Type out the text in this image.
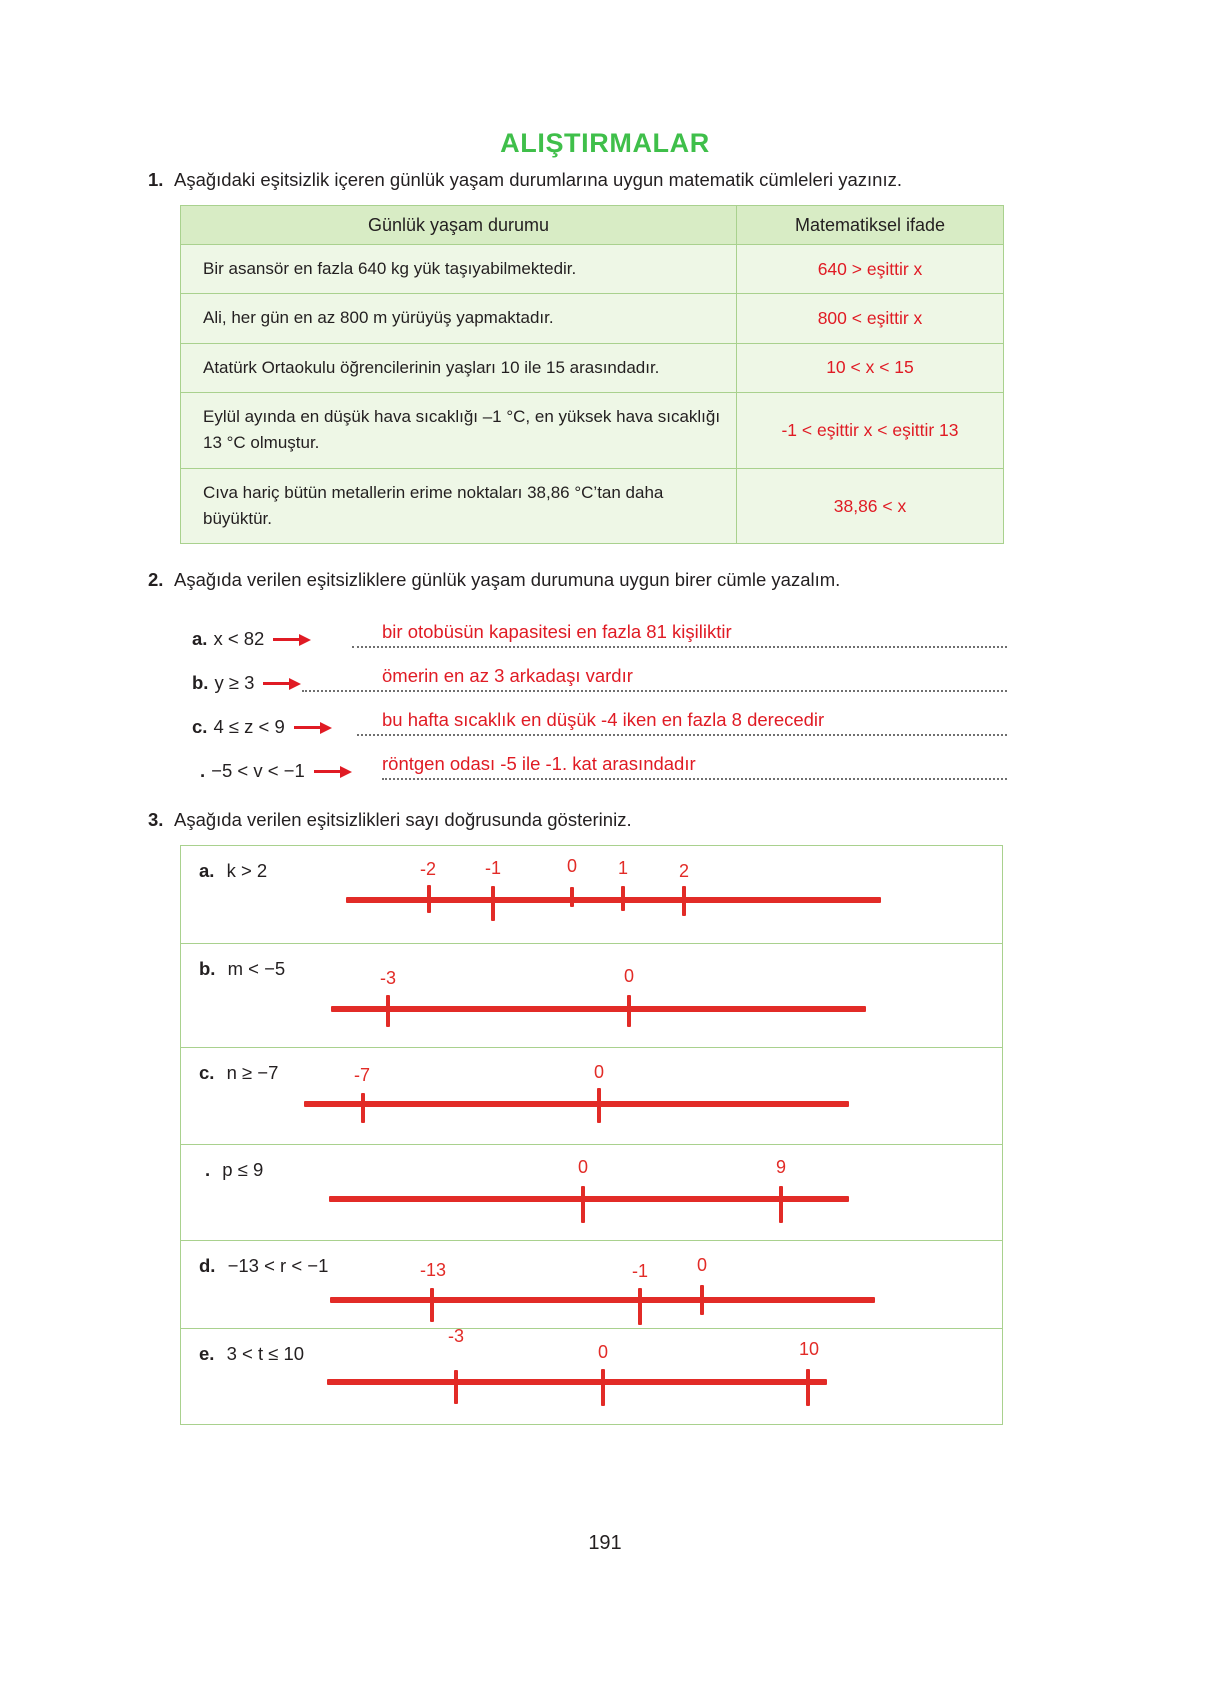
ALIŞTIRMALAR
1. Aşağıdaki eşitsizlik içeren günlük yaşam durumlarına uygun matematik cümleleri yazınız.
Günlük yaşam durumu	Matematiksel ifade
Bir asansör en fazla 640 kg yük taşıyabilmektedir.	640 > eşittir x
Ali, her gün en az 800 m yürüyüş yapmaktadır.	800 < eşittir x
Atatürk Ortaokulu öğrencilerinin yaşları 10 ile 15 arasındadır.	10 < x < 15
Eylül ayında en düşük hava sıcaklığı –1 °C, en yüksek hava sıcaklığı 13 °C olmuştur.	-1 < eşittir x < eşittir 13
Cıva hariç bütün metallerin erime noktaları 38,86 °C’tan daha büyüktür.	38,86 < x
2. Aşağıda verilen eşitsizliklere günlük yaşam durumuna uygun birer cümle yazalım.
a. x < 82	bir otobüsün kapasitesi en fazla 81 kişiliktir
b. y ≥ 3	ömerin en az 3 arkadaşı vardır
c. 4 ≤ z < 9	bu hafta sıcaklık en düşük -4 iken en fazla 8 derecedir
. −5 < v < −1	röntgen odası -5 ile -1. kat arasındadır
3. Aşağıda verilen eşitsizlikleri sayı doğrusunda gösteriniz.
a. k > 2	-2	-1	0 1	2
b. m < −5	-3	0
c. n ≥ −7	-7	0
. p ≤ 9	0	9
d. −13 < r < −1	-13	-1	0
e. 3 < t ≤ 10
-3
0	10
191
